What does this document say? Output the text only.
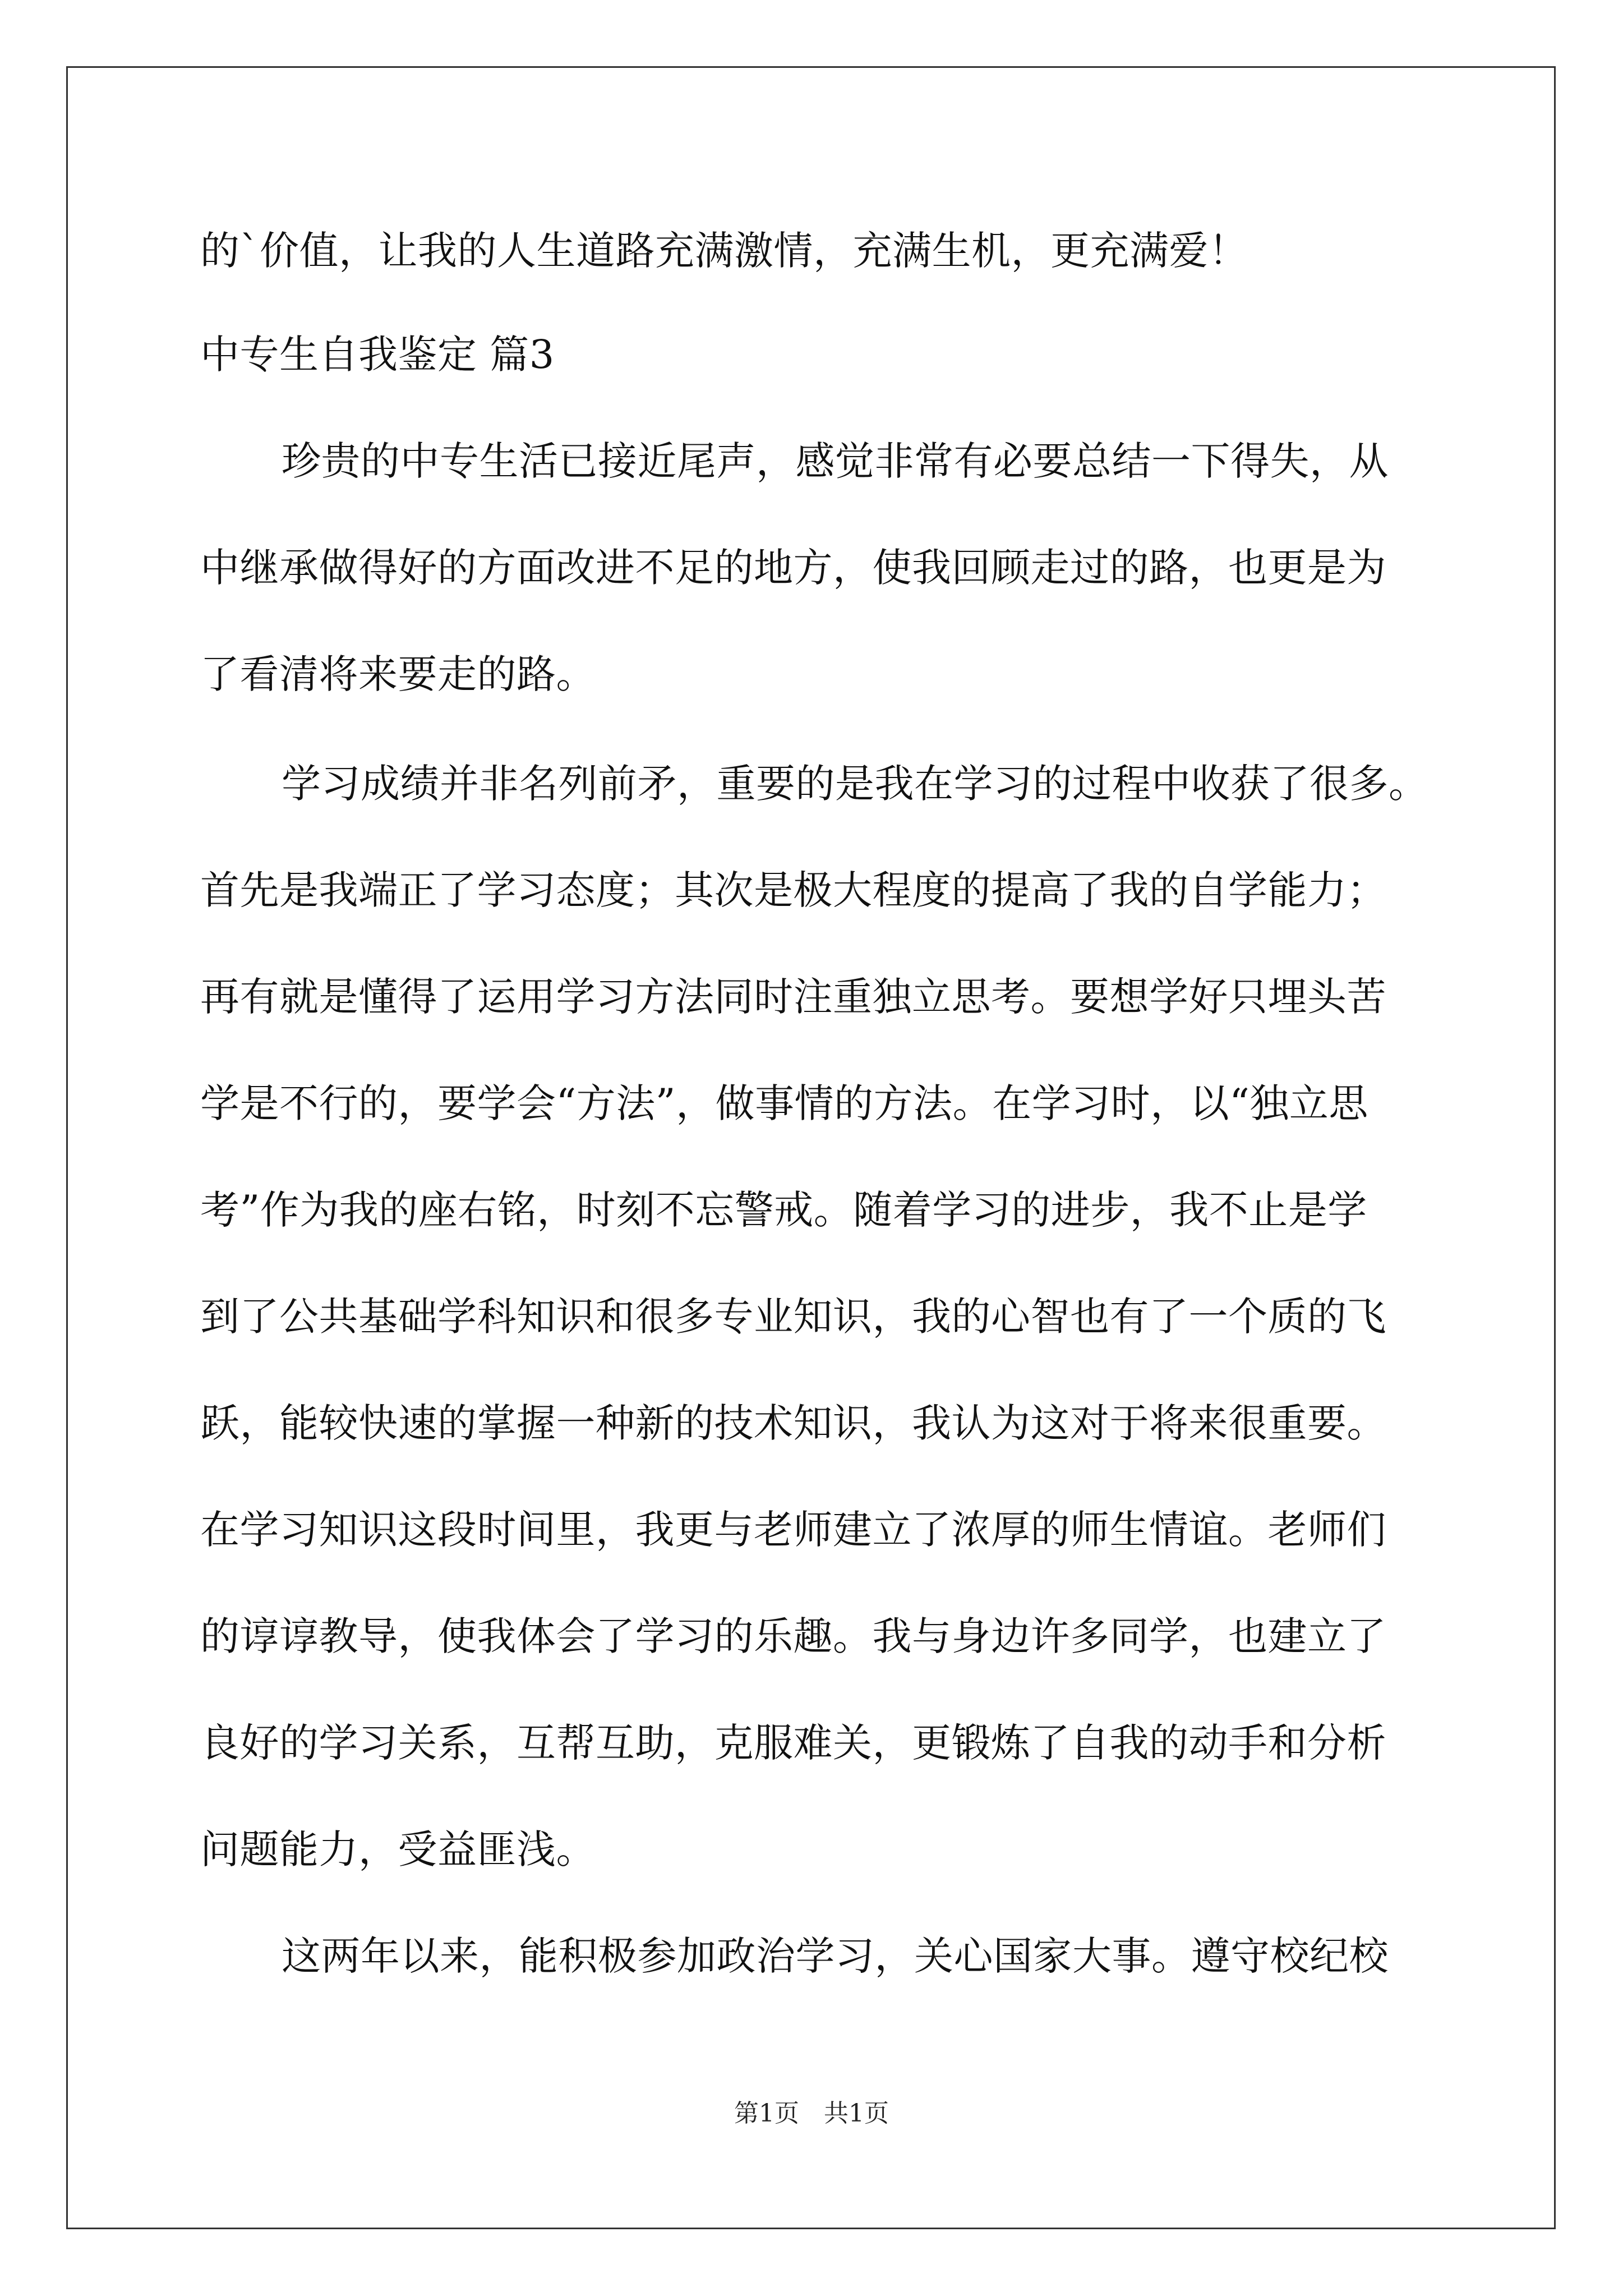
的`价值，让我的人生道路充满激情，充满生机，更充满爱！
中专生自我鉴定 篇3
珍贵的中专生活已接近尾声，感觉非常有必要总结一下得失，从
中继承做得好的方面改进不足的地方，使我回顾走过的路，也更是为
了看清将来要走的路。
学习成绩并非名列前矛，重要的是我在学习的过程中收获了很多。
首先是我端正了学习态度；其次是极大程度的提高了我的自学能力；
再有就是懂得了运用学习方法同时注重独立思考。要想学好只埋头苦
学是不行的，要学会“方法”，做事情的方法。在学习时，以“独立思
考”作为我的座右铭，时刻不忘警戒。随着学习的进步，我不止是学
到了公共基础学科知识和很多专业知识，我的心智也有了一个质的飞
跃，能较快速的掌握一种新的技术知识，我认为这对于将来很重要。
在学习知识这段时间里，我更与老师建立了浓厚的师生情谊。老师们
的谆谆教导，使我体会了学习的乐趣。我与身边许多同学，也建立了
良好的学习关系，互帮互助，克服难关，更锻炼了自我的动手和分析
问题能力，受益匪浅。
这两年以来，能积极参加政治学习，关心国家大事。遵守校纪校
第1页　共1页
